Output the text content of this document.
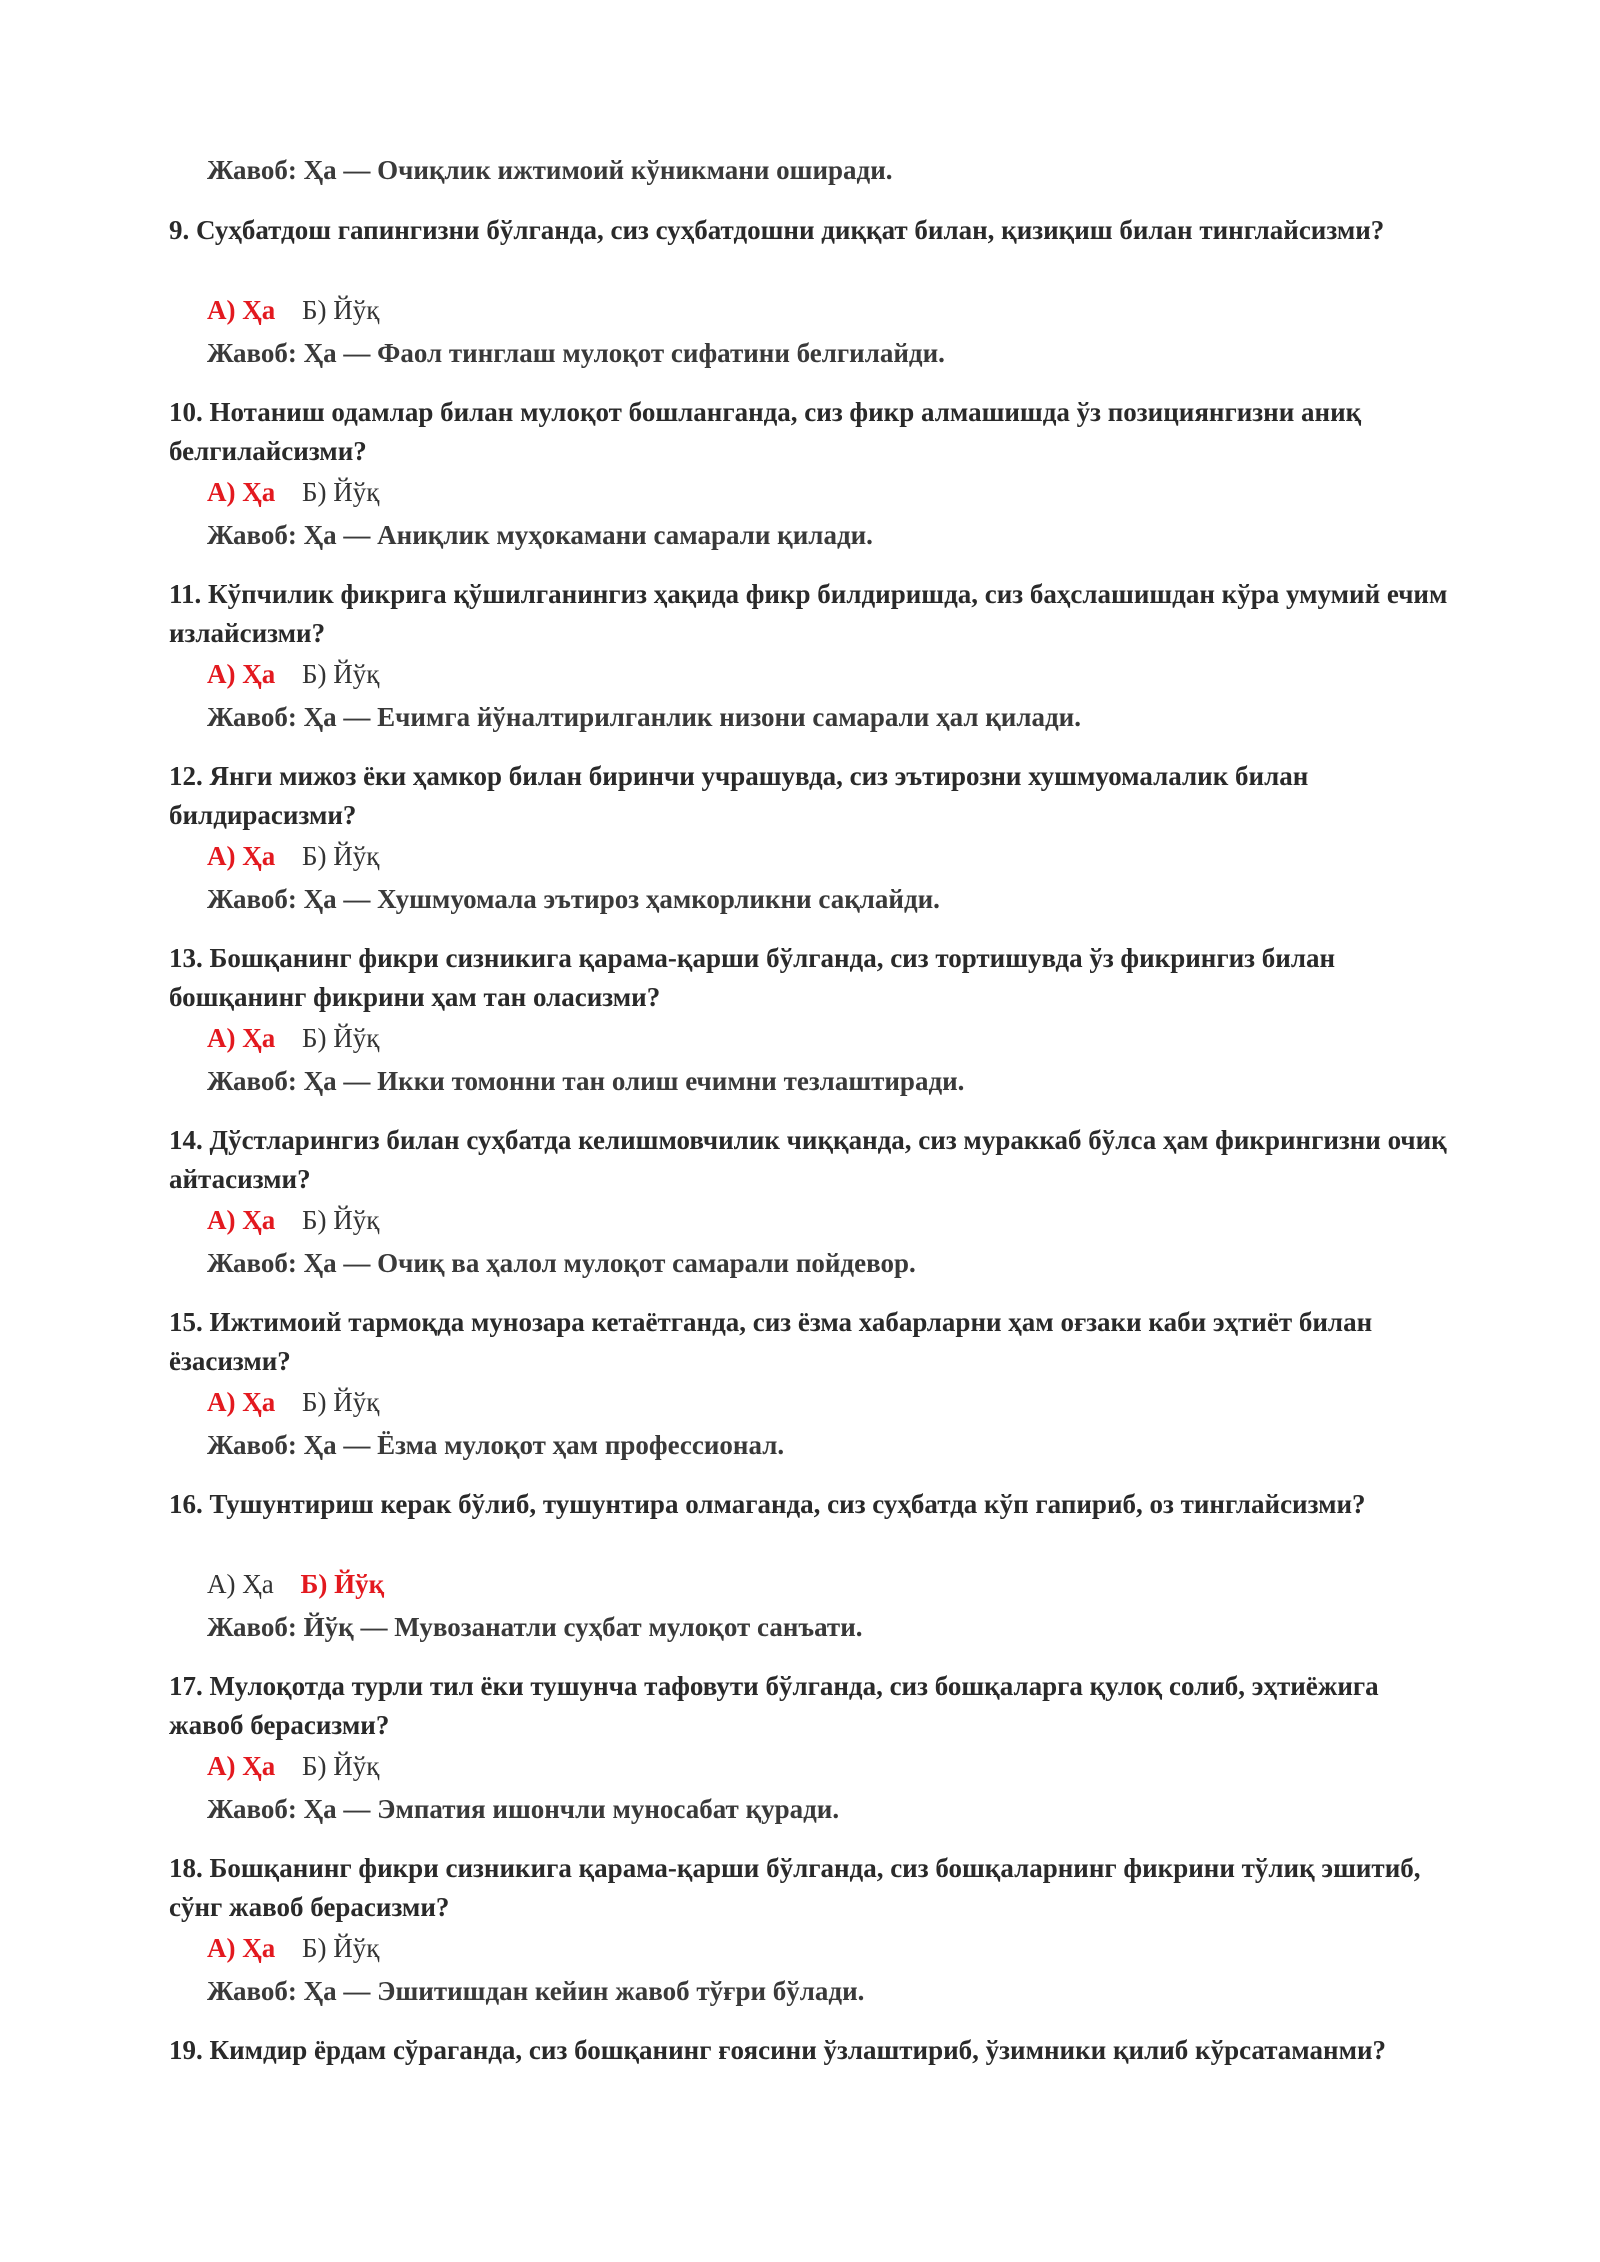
Жавоб: Ҳа — Очиқлик ижтимоий кўникмани оширади.
9. Суҳбатдош гапингизни бўлганда, сиз суҳбатдошни диққат билан, қизиқиш билан тинглайсизми?
А) Ҳа Б) Йўқ
Жавоб: Ҳа — Фаол тинглаш мулоқот сифатини белгилайди.
10. Нотаниш одамлар билан мулоқот бошланганда, сиз фикр алмашишда ўз позициянгизни аниқ белгилайсизми?
А) Ҳа Б) Йўқ
Жавоб: Ҳа — Аниқлик муҳокамани самарали қилади.
11. Кўпчилик фикрига қўшилганингиз ҳақида фикр билдиришда, сиз баҳслашишдан кўра умумий ечим излайсизми?
А) Ҳа Б) Йўқ
Жавоб: Ҳа — Ечимга йўналтирилганлик низони самарали ҳал қилади.
12. Янги мижоз ёки ҳамкор билан биринчи учрашувда, сиз эътирозни хушмуомалалик билан билдирасизми?
А) Ҳа Б) Йўқ
Жавоб: Ҳа — Хушмуомала эътироз ҳамкорликни сақлайди.
13. Бошқанинг фикри сизникига қарама-қарши бўлганда, сиз тортишувда ўз фикрингиз билан бошқанинг фикрини ҳам тан оласизми?
А) Ҳа Б) Йўқ
Жавоб: Ҳа — Икки томонни тан олиш ечимни тезлаштиради.
14. Дўстларингиз билан суҳбатда келишмовчилик чиққанда, сиз мураккаб бўлса ҳам фикрингизни очиқ айтасизми?
А) Ҳа Б) Йўқ
Жавоб: Ҳа — Очиқ ва ҳалол мулоқот самарали пойдевор.
15. Ижтимоий тармоқда мунозара кетаётганда, сиз ёзма хабарларни ҳам оғзаки каби эҳтиёт билан ёзасизми?
А) Ҳа Б) Йўқ
Жавоб: Ҳа — Ёзма мулоқот ҳам профессионал.
16. Тушунтириш керак бўлиб, тушунтира олмаганда, сиз суҳбатда кўп гапириб, оз тинглайсизми?
А) Ҳа Б) Йўқ
Жавоб: Йўқ — Мувозанатли суҳбат мулоқот санъати.
17. Мулоқотда турли тил ёки тушунча тафовути бўлганда, сиз бошқаларга қулоқ солиб, эҳтиёжига жавоб берасизми?
А) Ҳа Б) Йўқ
Жавоб: Ҳа — Эмпатия ишончли муносабат қуради.
18. Бошқанинг фикри сизникига қарама-қарши бўлганда, сиз бошқаларнинг фикрини тўлиқ эшитиб, сўнг жавоб берасизми?
А) Ҳа Б) Йўқ
Жавоб: Ҳа — Эшитишдан кейин жавоб тўғри бўлади.
19. Кимдир ёрдам сўраганда, сиз бошқанинг ғоясини ўзлаштириб, ўзимники қилиб кўрсатаманми?
